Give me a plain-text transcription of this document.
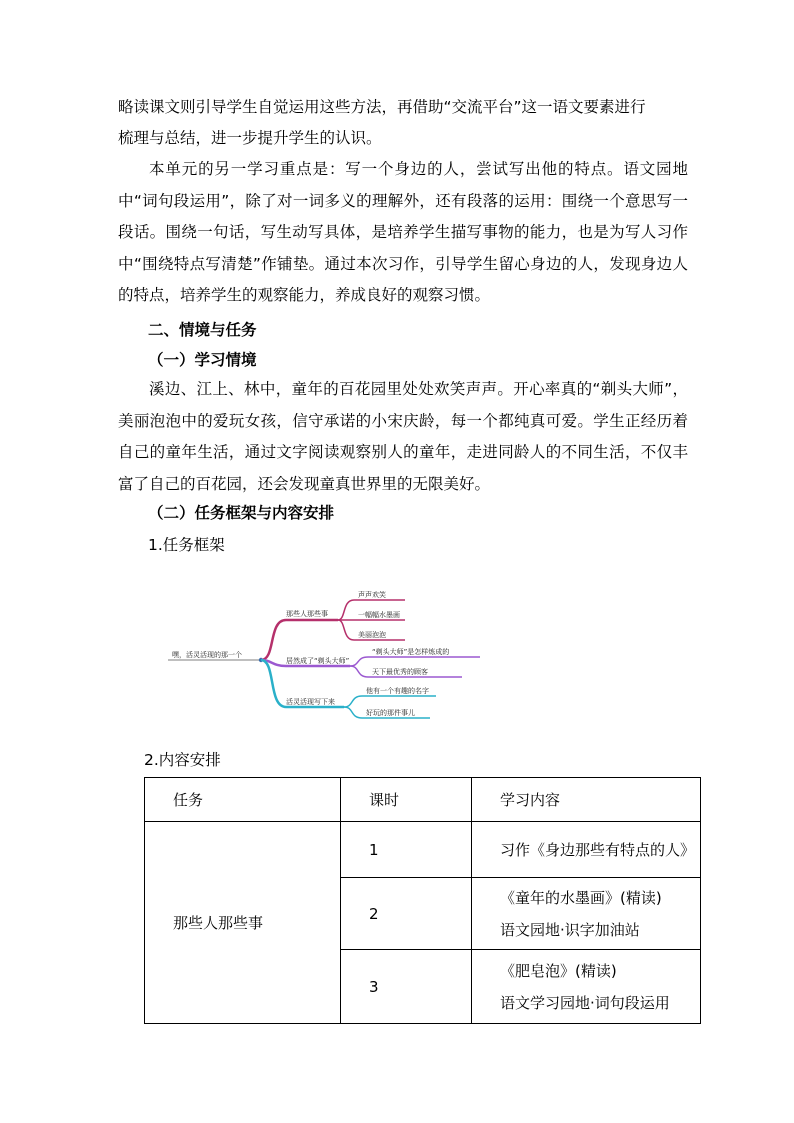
略读课文则引导学生自觉运用这些方法，再借助“交流平台”这一语文要素进行

梳理与总结，进一步提升学生的认识。

本单元的另一学习重点是：写一个身边的人，尝试写出他的特点。语文园地中“词句段运用”，除了对一词多义的理解外，还有段落的运用：围绕一个意思写一段话。围绕一句话，写生动写具体，是培养学生描写事物的能力，也是为写人习作中“围绕特点写清楚”作铺垫。通过本次习作，引导学生留心身边的人，发现身边人的特点，培养学生的观察能力，养成良好的观察习惯。

二、情境与任务

（一）学习情境

溪边、江上、林中，童年的百花园里处处欢笑声声。开心率真的“剃头大师”，美丽泡泡中的爱玩女孩，信守承诺的小宋庆龄，每一个都纯真可爱。学生正经历着自己的童年生活，通过文字阅读观察别人的童年，走进同龄人的不同生活，不仅丰富了自己的百花园，还会发现童真世界里的无限美好。

（二）任务框架与内容安排

1.任务框架

嘿，活灵活现的那一个
那些人那些事
声声欢笑
一幅幅水墨画
美丽泡泡
居然成了“剃头大师”
“剃头大师”是怎样炼成的
天下最优秀的顾客
活灵活现写下来
他有一个有趣的名字
好玩的那件事儿

2.内容安排

任务	课时	学习内容
那些人那些事	1	习作《身边那些有特点的人》

	2	《童年的水墨画》(精读)
语文园地·识字加油站

	3	《肥皂泡》(精读)
语文学习园地·词句段运用
